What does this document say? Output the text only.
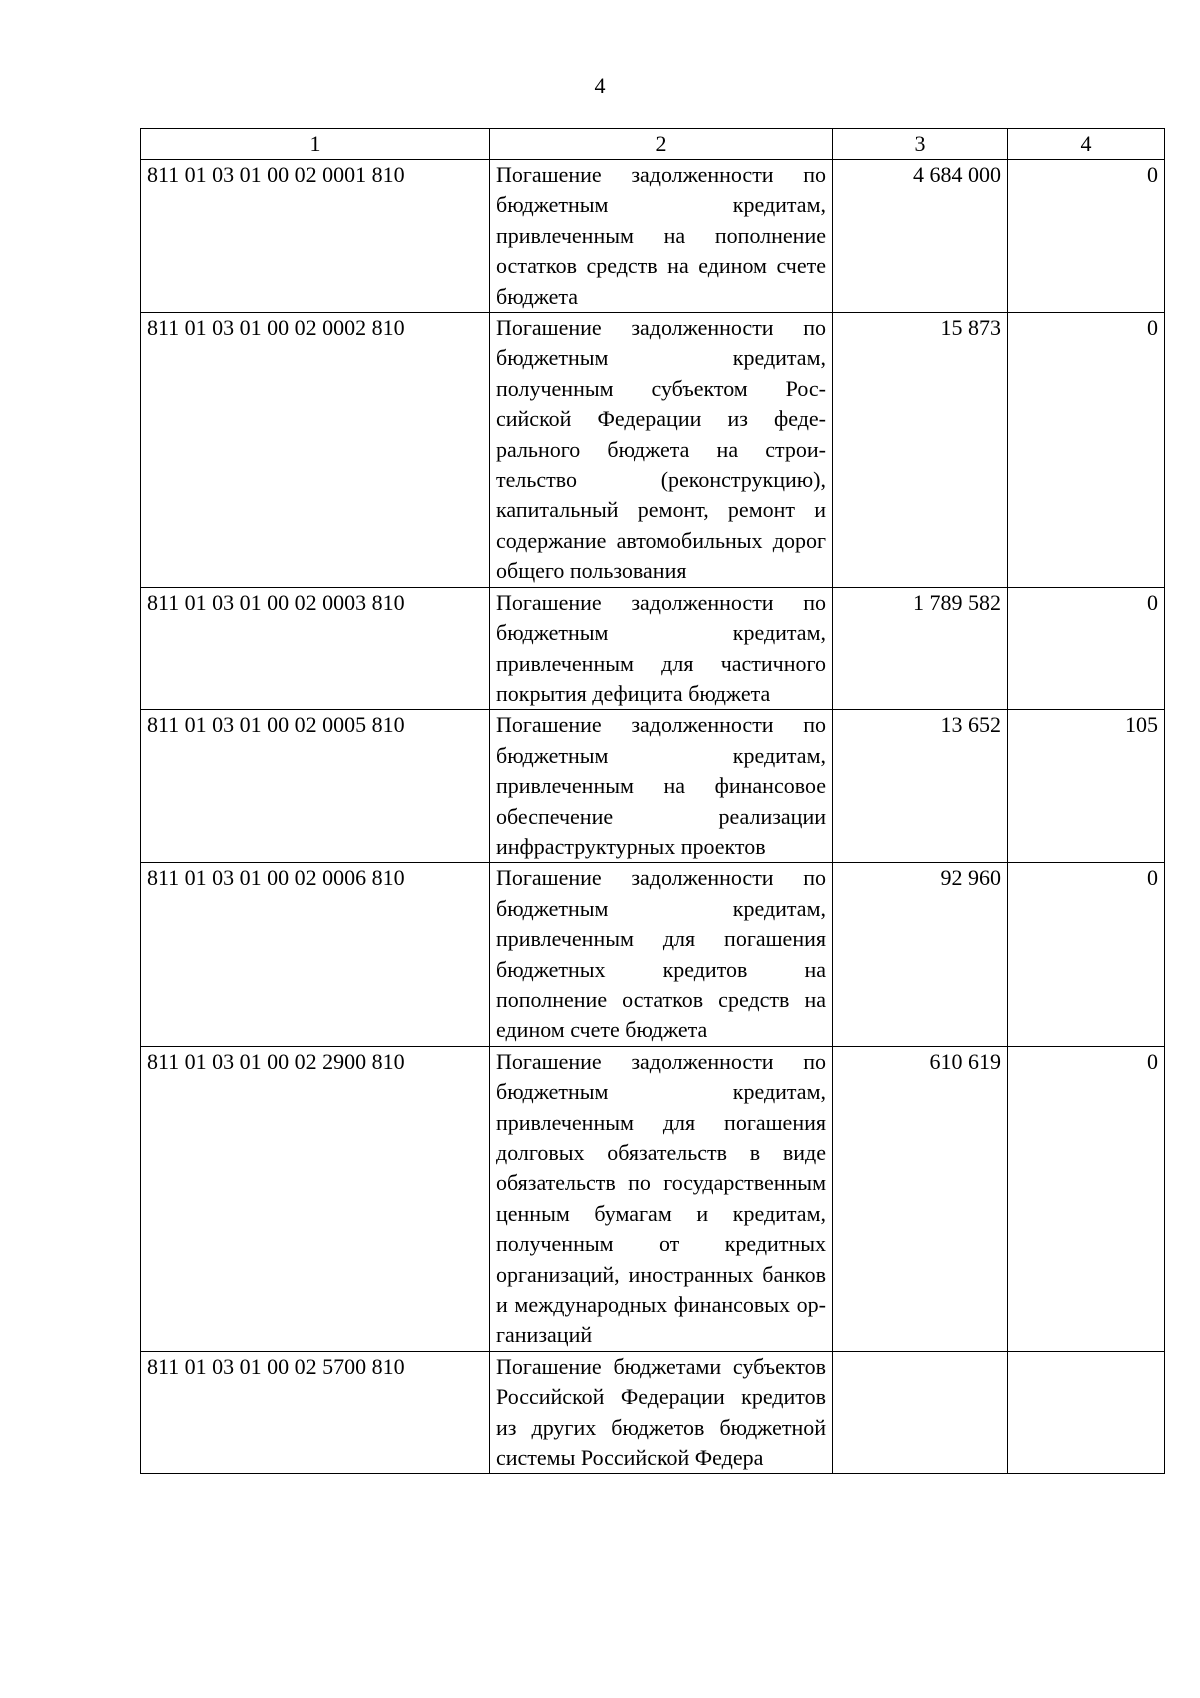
4
1	2	3	4
811 01 03 01 00 02 0001 810	Погашение задолженности по бюджетным кредитам, привлеченным на пополнение остатков средств на едином счете бюджета	4 684 000	0
811 01 03 01 00 02 0002 810	Погашение задолженности по бюджетным кредитам, полученным субъектом Российской Федерации из федерального бюджета на строительство (реконструкцию), капитальный ремонт, ремонт и содержание автомобильных дорог общего пользования	15 873	0
811 01 03 01 00 02 0003 810	Погашение задолженности по бюджетным кредитам, привлеченным для частичного покрытия дефицита бюджета	1 789 582	0
811 01 03 01 00 02 0005 810	Погашение задолженности по бюджетным кредитам, привлеченным на финансовое обеспечение реализации инфраструктурных проектов	13 652	105
811 01 03 01 00 02 0006 810	Погашение задолженности по бюджетным кредитам, привлеченным для погашения бюджетных кредитов на пополнение остатков средств на едином счете бюджета	92 960	0
811 01 03 01 00 02 2900 810	Погашение задолженности по бюджетным кредитам, привлеченным для погашения долговых обязательств в виде обязательств по государственным ценным бумагам и кредитам, полученным от кредитных организаций, иностранных банков и международных финансовых организаций	610 619	0
811 01 03 01 00 02 5700 810	Погашение бюджетами субъектов Российской Федерации кредитов из других бюджетов бюджетной системы Российской Федера		
